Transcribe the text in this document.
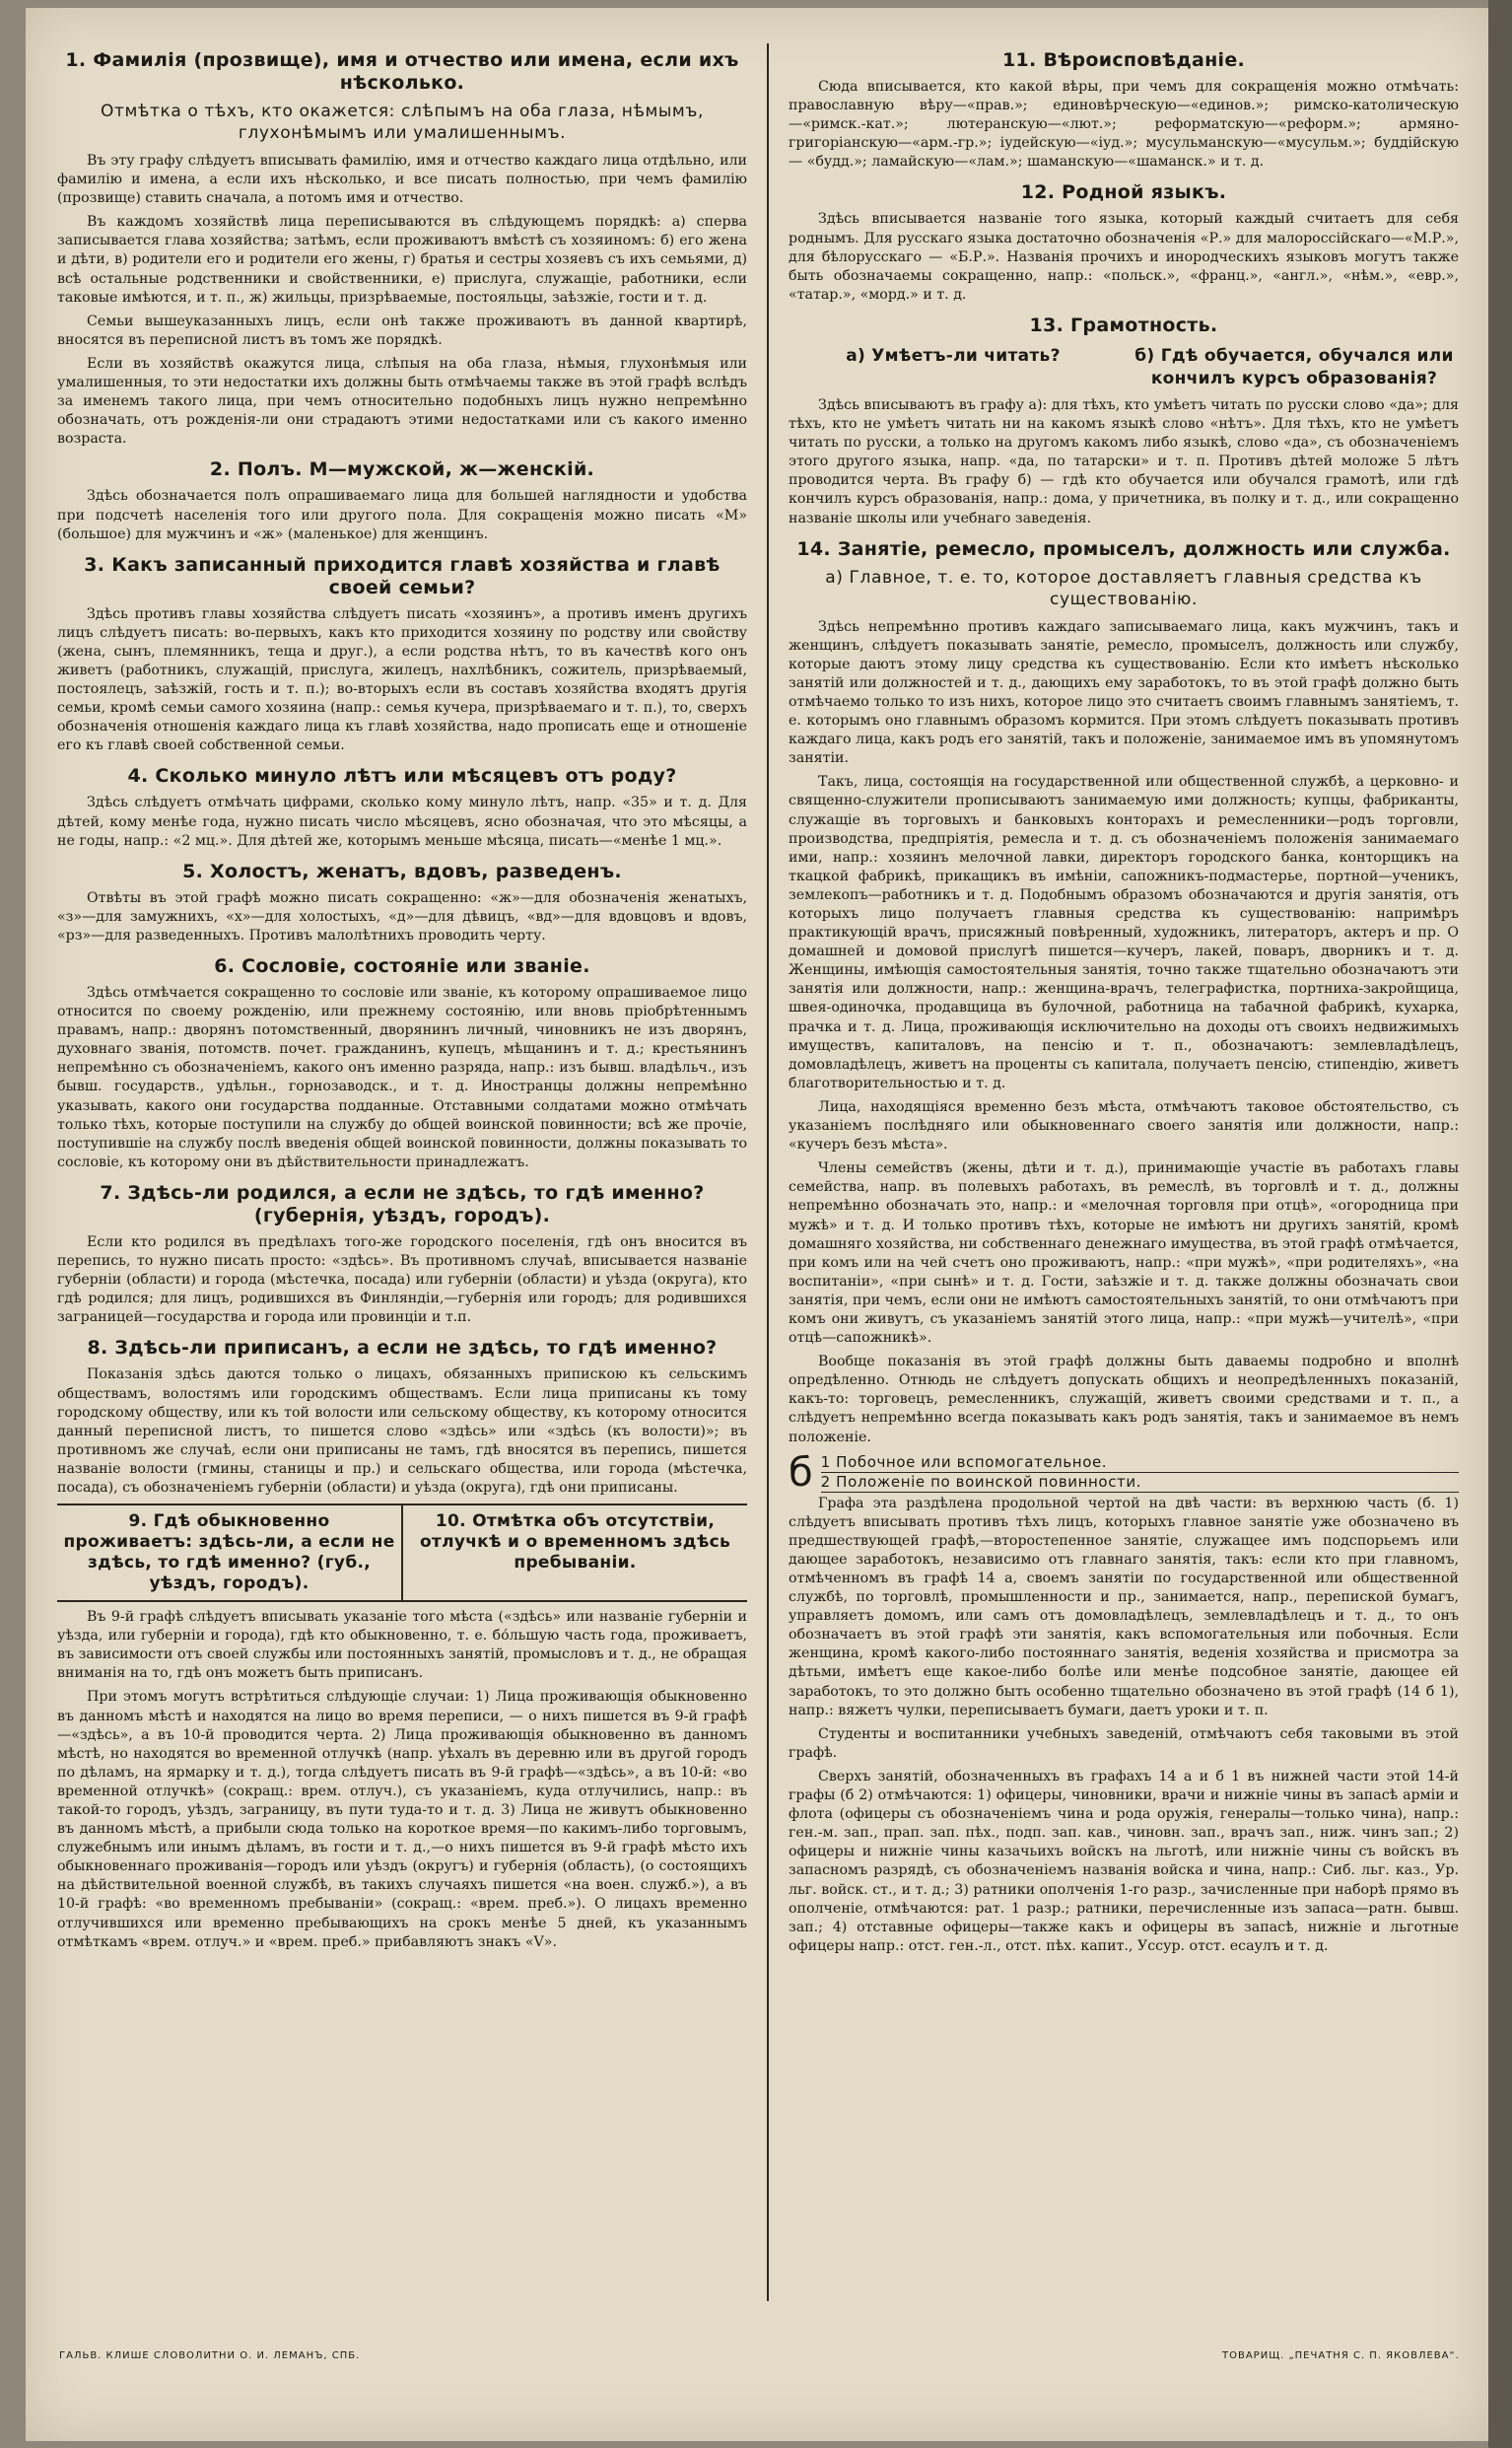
1. Фамилія (прозвище), имя и отчество или имена, если ихъ нѣсколько.
Отмѣтка о тѣхъ, кто окажется: слѣпымъ на оба глаза, нѣмымъ, глухонѣмымъ или умалишеннымъ.

Въ эту графу слѣдуетъ вписывать фамилію, имя и отчество каждаго лица отдѣльно, или фамилію и имена, а если ихъ нѣсколько, и все писать полностью, при чемъ фамилію (прозвище) ставить сначала, а потомъ имя и отчество.

Въ каждомъ хозяйствѣ лица переписываются въ слѣдующемъ порядкѣ: а) сперва записывается глава хозяйства; затѣмъ, если проживаютъ вмѣстѣ съ хозяиномъ: б) его жена и дѣти, в) родители его и родители его жены, г) братья и сестры хозяевъ съ ихъ семьями, д) всѣ остальные родственники и свойственники, е) прислуга, служащіе, работники, если таковые имѣются, и т. п., ж) жильцы, призрѣваемые, постояльцы, заѣзжіе, гости и т. д.

Семьи вышеуказанныхъ лицъ, если онѣ также проживаютъ въ данной квартирѣ, вносятся въ переписной листъ въ томъ же порядкѣ.

Если въ хозяйствѣ окажутся лица, слѣпыя на оба глаза, нѣмыя, глухонѣмыя или умалишенныя, то эти недостатки ихъ должны быть отмѣчаемы также въ этой графѣ вслѣдъ за именемъ такого лица, при чемъ относительно подобныхъ лицъ нужно непремѣнно обозначать, отъ рожденія-ли они страдаютъ этими недостатками или съ какого именно возраста.

2. Полъ. М—мужской, ж—женскій.

Здѣсь обозначается полъ опрашиваемаго лица для большей наглядности и удобства при подсчетѣ населенія того или другого пола. Для сокращенія можно писать «М» (большое) для мужчинъ и «ж» (маленькое) для женщинъ.

3. Какъ записанный приходится главѣ хозяйства и главѣ своей семьи?

Здѣсь противъ главы хозяйства слѣдуетъ писать «хозяинъ», а противъ именъ другихъ лицъ слѣдуетъ писать: во-первыхъ, какъ кто приходится хозяину по родству или свойству (жена, сынъ, племянникъ, теща и друг.), а если родства нѣтъ, то въ качествѣ кого онъ живетъ (работникъ, служащій, прислуга, жилецъ, нахлѣбникъ, сожитель, призрѣваемый, постоялецъ, заѣзжій, гость и т. п.); во-вторыхъ если въ составъ хозяйства входятъ другія семьи, кромѣ семьи самого хозяина (напр.: семья кучера, призрѣваемаго и т. п.), то, сверхъ обозначенія отношенія каждаго лица къ главѣ хозяйства, надо прописать еще и отношеніе его къ главѣ своей собственной семьи.

4. Сколько минуло лѣтъ или мѣсяцевъ отъ роду?

Здѣсь слѣдуетъ отмѣчать цифрами, сколько кому минуло лѣтъ, напр. «35» и т. д. Для дѣтей, кому менѣе года, нужно писать число мѣсяцевъ, ясно обозначая, что это мѣсяцы, а не годы, напр.: «2 мц.». Для дѣтей же, которымъ меньше мѣсяца, писать—«менѣе 1 мц.».

5. Холостъ, женатъ, вдовъ, разведенъ.

Отвѣты въ этой графѣ можно писать сокращенно: «ж»—для обозначенія женатыхъ, «з»—для замужнихъ, «х»—для холостыхъ, «д»—для дѣвицъ, «вд»—для вдовцовъ и вдовъ, «рз»—для разведенныхъ. Противъ малолѣтнихъ проводить черту.

6. Сословіе, состояніе или званіе.

Здѣсь отмѣчается сокращенно то сословіе или званіе, къ которому опрашиваемое лицо относится по своему рожденію, или прежнему состоянію, или вновь пріобрѣтеннымъ правамъ, напр.: дворянъ потомственный, дворянинъ личный, чиновникъ не изъ дворянъ, духовнаго званія, потомств. почет. гражданинъ, купецъ, мѣщанинъ и т. д.; крестьянинъ непремѣнно съ обозначеніемъ, какого онъ именно разряда, напр.: изъ бывш. владѣльч., изъ бывш. государств., удѣльн., горнозаводск., и т. д. Иностранцы должны непремѣнно указывать, какого они государства подданные. Отставными солдатами можно отмѣчать только тѣхъ, которые поступили на службу до общей воинской повинности; всѣ же прочіе, поступившіе на службу послѣ введенія общей воинской повинности, должны показывать то сословіе, къ которому они въ дѣйствительности принадлежатъ.

7. Здѣсь-ли родился, а если не здѣсь, то гдѣ именно? (губернія, уѣздъ, городъ).

Если кто родился въ предѣлахъ того-же городского поселенія, гдѣ онъ вносится въ перепись, то нужно писать просто: «здѣсь». Въ противномъ случаѣ, вписывается названіе губерніи (области) и города (мѣстечка, посада) или губерніи (области) и уѣзда (округа), кто гдѣ родился; для лицъ, родившихся въ Финляндіи,—губернія или городъ; для родившихся заграницей—государства и города или провинціи и т.п.

8. Здѣсь-ли приписанъ, а если не здѣсь, то гдѣ именно?

Показанія здѣсь даются только о лицахъ, обязанныхъ припискою къ сельскимъ обществамъ, волостямъ или городскимъ обществамъ. Если лица приписаны къ тому городскому обществу, или къ той волости или сельскому обществу, къ которому относится данный переписной листъ, то пишется слово «здѣсь» или «здѣсь (къ волости)»; въ противномъ же случаѣ, если они приписаны не тамъ, гдѣ вносятся въ перепись, пишется названіе волости (гмины, станицы и пр.) и сельскаго общества, или города (мѣстечка, посада), съ обозначеніемъ губерніи (области) и уѣзда (округа), гдѣ они приписаны.

9. Гдѣ обыкновенно проживаетъ: здѣсь-ли, а если не здѣсь, то гдѣ именно? (губ., уѣздъ, городъ).
10. Отмѣтка объ отсутствіи, отлучкѣ и о временномъ здѣсь пребываніи.

Въ 9-й графѣ слѣдуетъ вписывать указаніе того мѣста («здѣсь» или названіе губерніи и уѣзда, или губерніи и города), гдѣ кто обыкновенно, т. е. бо́льшую часть года, проживаетъ, въ зависимости отъ своей службы или постоянныхъ занятій, промысловъ и т. д., не обращая вниманія на то, гдѣ онъ можетъ быть приписанъ.

При этомъ могутъ встрѣтиться слѣдующіе случаи: 1) Лица проживающія обыкновенно въ данномъ мѣстѣ и находятся на лицо во время переписи, — о нихъ пишется въ 9-й графѣ—«здѣсь», а въ 10-й проводится черта. 2) Лица проживающія обыкновенно въ данномъ мѣстѣ, но находятся во временной отлучкѣ (напр. уѣхалъ въ деревню или въ другой городъ по дѣламъ, на ярмарку и т. д.), тогда слѣдуетъ писать въ 9-й графѣ—«здѣсь», а въ 10-й: «во временной отлучкѣ» (сокращ.: врем. отлуч.), съ указаніемъ, куда отлучились, напр.: въ такой-то городъ, уѣздъ, заграницу, въ пути туда-то и т. д. 3) Лица не живутъ обыкновенно въ данномъ мѣстѣ, а прибыли сюда только на короткое время—по какимъ-либо торговымъ, служебнымъ или инымъ дѣламъ, въ гости и т. д.,—о нихъ пишется въ 9-й графѣ мѣсто ихъ обыкновеннаго проживанія—городъ или уѣздъ (округъ) и губернія (область), (о состоящихъ на дѣйствительной военной службѣ, въ такихъ случаяхъ пишется «на воен. служб.»), а въ 10-й графѣ: «во временномъ пребываніи» (сокращ.: «врем. преб.»). О лицахъ временно отлучившихся или временно пребывающихъ на срокъ менѣе 5 дней, къ указаннымъ отмѣткамъ «врем. отлуч.» и «врем. преб.» прибавляютъ знакъ «V».

11. Вѣроисповѣданіе.

Сюда вписывается, кто какой вѣры, при чемъ для сокращенія можно отмѣчать: православную вѣру—«прав.»; единовѣрческую—«единов.»; римско-католическую—«римск.-кат.»; лютеранскую—«лют.»; реформатскую—«реформ.»; армяно-григоріанскую—«арм.-гр.»; іудейскую—«іуд.»; мусульманскую—«мусульм.»; буддійскую — «будд.»; ламайскую—«лам.»; шаманскую—«шаманск.» и т. д.

12. Родной языкъ.

Здѣсь вписывается названіе того языка, который каждый считаетъ для себя роднымъ. Для русскаго языка достаточно обозначенія «Р.» для малороссійскаго—«М.Р.», для бѣлорусскаго — «Б.Р.». Названія прочихъ и инородческихъ языковъ могутъ также быть обозначаемы сокращенно, напр.: «польск.», «франц.», «англ.», «нѣм.», «евр.», «татар.», «морд.» и т. д.

13. Грамотность.
а) Умѣетъ-ли читать?	б) Гдѣ обучается, обучался или кончилъ курсъ образованія?

Здѣсь вписываютъ въ графу а): для тѣхъ, кто умѣетъ читать по русски слово «да»; для тѣхъ, кто не умѣетъ читать ни на какомъ языкѣ слово «нѣтъ». Для тѣхъ, кто не умѣетъ читать по русски, а только на другомъ какомъ либо языкѣ, слово «да», съ обозначеніемъ этого другого языка, напр. «да, по татарски» и т. п. Противъ дѣтей моложе 5 лѣтъ проводится черта. Въ графу б) — гдѣ кто обучается или обучался грамотѣ, или гдѣ кончилъ курсъ образованія, напр.: дома, у причетника, въ полку и т. д., или сокращенно названіе школы или учебнаго заведенія.

14. Занятіе, ремесло, промыселъ, должность или служба.
а) Главное, т. е. то, которое доставляетъ главныя средства къ существованію.

Здѣсь непремѣнно противъ каждаго записываемаго лица, какъ мужчинъ, такъ и женщинъ, слѣдуетъ показывать занятіе, ремесло, промыселъ, должность или службу, которые даютъ этому лицу средства къ существованію. Если кто имѣетъ нѣсколько занятій или должностей и т. д., дающихъ ему заработокъ, то въ этой графѣ должно быть отмѣчаемо только то изъ нихъ, которое лицо это считаетъ своимъ главнымъ занятіемъ, т. е. которымъ оно главнымъ образомъ кормится. При этомъ слѣдуетъ показывать противъ каждаго лица, какъ родъ его занятій, такъ и положеніе, занимаемое имъ въ упомянутомъ занятіи.

Такъ, лица, состоящія на государственной или общественной службѣ, а церковно- и священно-служители прописываютъ занимаемую ими должность; купцы, фабриканты, служащіе въ торговыхъ и банковыхъ конторахъ и ремесленники—родъ торговли, производства, предпріятія, ремесла и т. д. съ обозначеніемъ положенія занимаемаго ими, напр.: хозяинъ мелочной лавки, директоръ городского банка, конторщикъ на ткацкой фабрикѣ, прикащикъ въ имѣніи, сапожникъ-подмастерье, портной—ученикъ, землекопъ—работникъ и т. д. Подобнымъ образомъ обозначаются и другія занятія, отъ которыхъ лицо получаетъ главныя средства къ существованію: напримѣръ практикующій врачъ, присяжный повѣренный, художникъ, литераторъ, актеръ и пр. О домашней и домовой прислугѣ пишется—кучеръ, лакей, поваръ, дворникъ и т. д. Женщины, имѣющія самостоятельныя занятія, точно также тщательно обозначаютъ эти занятія или должности, напр.: женщина-врачъ, телеграфистка, портниха-закройщица, швея-одиночка, продавщица въ булочной, работница на табачной фабрикѣ, кухарка, прачка и т. д. Лица, проживающія исключительно на доходы отъ своихъ недвижимыхъ имуществъ, капиталовъ, на пенсію и т. п., обозначаютъ: землевладѣлецъ, домовладѣлецъ, живетъ на проценты съ капитала, получаетъ пенсію, стипендію, живетъ благотворительностью и т. д.

Лица, находящіяся временно безъ мѣста, отмѣчаютъ таковое обстоятельство, съ указаніемъ послѣдняго или обыкновеннаго своего занятія или должности, напр.: «кучеръ безъ мѣста».

Члены семействъ (жены, дѣти и т. д.), принимающіе участіе въ работахъ главы семейства, напр. въ полевыхъ работахъ, въ ремеслѣ, въ торговлѣ и т. д., должны непремѣнно обозначать это, напр.: и «мелочная торговля при отцѣ», «огородница при мужѣ» и т. д. И только противъ тѣхъ, которые не имѣютъ ни другихъ занятій, кромѣ домашняго хозяйства, ни собственнаго денежнаго имущества, въ этой графѣ отмѣчается, при комъ или на чей счетъ оно проживаютъ, напр.: «при мужѣ», «при родителяхъ», «на воспитаніи», «при сынѣ» и т. д. Гости, заѣзжіе и т. д. также должны обозначать свои занятія, при чемъ, если они не имѣютъ самостоятельныхъ занятій, то они отмѣчаютъ при комъ они живутъ, съ указаніемъ занятій этого лица, напр.: «при мужѣ—учителѣ», «при отцѣ—сапожникѣ».

Вообще показанія въ этой графѣ должны быть даваемы подробно и вполнѣ опредѣленно. Отнюдь не слѣдуетъ допускать общихъ и неопредѣленныхъ показаній, какъ-то: торговецъ, ремесленникъ, служащій, живетъ своими средствами и т. п., а слѣдуетъ непремѣнно всегда показывать какъ родъ занятія, такъ и занимаемое въ немъ положеніе.

б 1 Побочное или вспомогательное.
2 Положеніе по воинской повинности.

Графа эта раздѣлена продольной чертой на двѣ части: въ верхнюю часть (б. 1) слѣдуетъ вписывать противъ тѣхъ лицъ, которыхъ главное занятіе уже обозначено въ предшествующей графѣ,—второстепенное занятіе, служащее имъ подспорьемъ или дающее заработокъ, независимо отъ главнаго занятія, такъ: если кто при главномъ, отмѣченномъ въ графѣ 14 а, своемъ занятіи по государственной или общественной службѣ, по торговлѣ, промышленности и пр., занимается, напр., перепиской бумагъ, управляетъ домомъ, или самъ отъ домовладѣлецъ, землевладѣлецъ и т. д., то онъ обозначаетъ въ этой графѣ эти занятія, какъ вспомогательныя или побочныя. Если женщина, кромѣ какого-либо постояннаго занятія, веденія хозяйства и присмотра за дѣтьми, имѣетъ еще какое-либо болѣе или менѣе подсобное занятіе, дающее ей заработокъ, то это должно быть особенно тщательно обозначено въ этой графѣ (14 б 1), напр.: вяжетъ чулки, переписываетъ бумаги, даетъ уроки и т. п.

Студенты и воспитанники учебныхъ заведеній, отмѣчаютъ себя таковыми въ этой графѣ.

Сверхъ занятій, обозначенныхъ въ графахъ 14 а и б 1 въ нижней части этой 14-й графы (б 2) отмѣчаются: 1) офицеры, чиновники, врачи и нижніе чины въ запасѣ арміи и флота (офицеры съ обозначеніемъ чина и рода оружія, генералы—только чина), напр.: ген.-м. зап., прап. зап. пѣх., подп. зап. кав., чиновн. зап., врачъ зап., ниж. чинъ зап.; 2) офицеры и нижніе чины казачьихъ войскъ на льготѣ, или нижніе чины съ войскъ въ запасномъ разрядѣ, съ обозначеніемъ названія войска и чина, напр.: Сиб. льг. каз., Ур. льг. войск. ст., и т. д.; 3) ратники ополченія 1-го разр., зачисленные при наборѣ прямо въ ополченіе, отмѣчаются: рат. 1 разр.; ратники, перечисленные изъ запаса—ратн. бывш. зап.; 4) отставные офицеры—также какъ и офицеры въ запасѣ, нижніе и льготные офицеры напр.: отст. ген.-л., отст. пѣх. капит., Уссур. отст. есаулъ и т. д.

ГАЛЬВ. КЛИШЕ СЛОВОЛИТНИ О. И. ЛЕМАНЪ, СПБ.	ТОВАРИЩ. „ПЕЧАТНЯ С. П. ЯКОВЛЕВА“.
